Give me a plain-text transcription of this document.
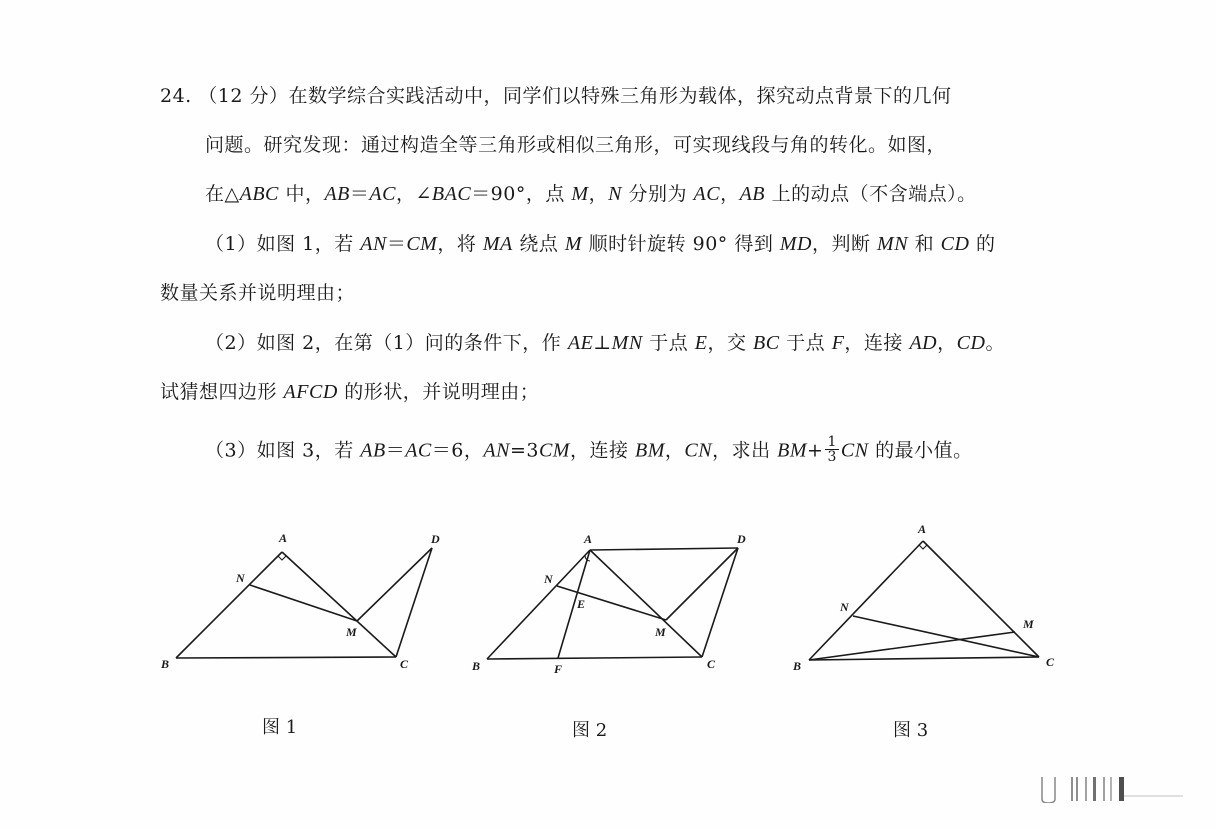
24. （12 分）在数学综合实践活动中，同学们以特殊三角形为载体，探究动点背景下的几何
问题。研究发现：通过构造全等三角形或相似三角形，可实现线段与角的转化。如图，
在△ABC 中，AB＝AC，∠BAC＝90°，点 M，N 分别为 AC，AB 上的动点（不含端点）。
（1）如图 1，若 AN＝CM，将 MA 绕点 M 顺时针旋转 90° 得到 MD，判断 MN 和 CD 的
数量关系并说明理由；
（2）如图 2，在第（1）问的条件下，作 AE⊥MN 于点 E，交 BC 于点 F，连接 AD，CD。
试猜想四边形 AFCD 的形状，并说明理由；
（3）如图 3，若 AB＝AC＝6，AN=3CM，连接 BM，CN，求出 $BM+ \frac{1}{3}$ CN 的最小值。
A
N
M
D
B	C
A	D
N
E
M
B	F	C
A
N
M
B	C
图 1	图 2	图 3
